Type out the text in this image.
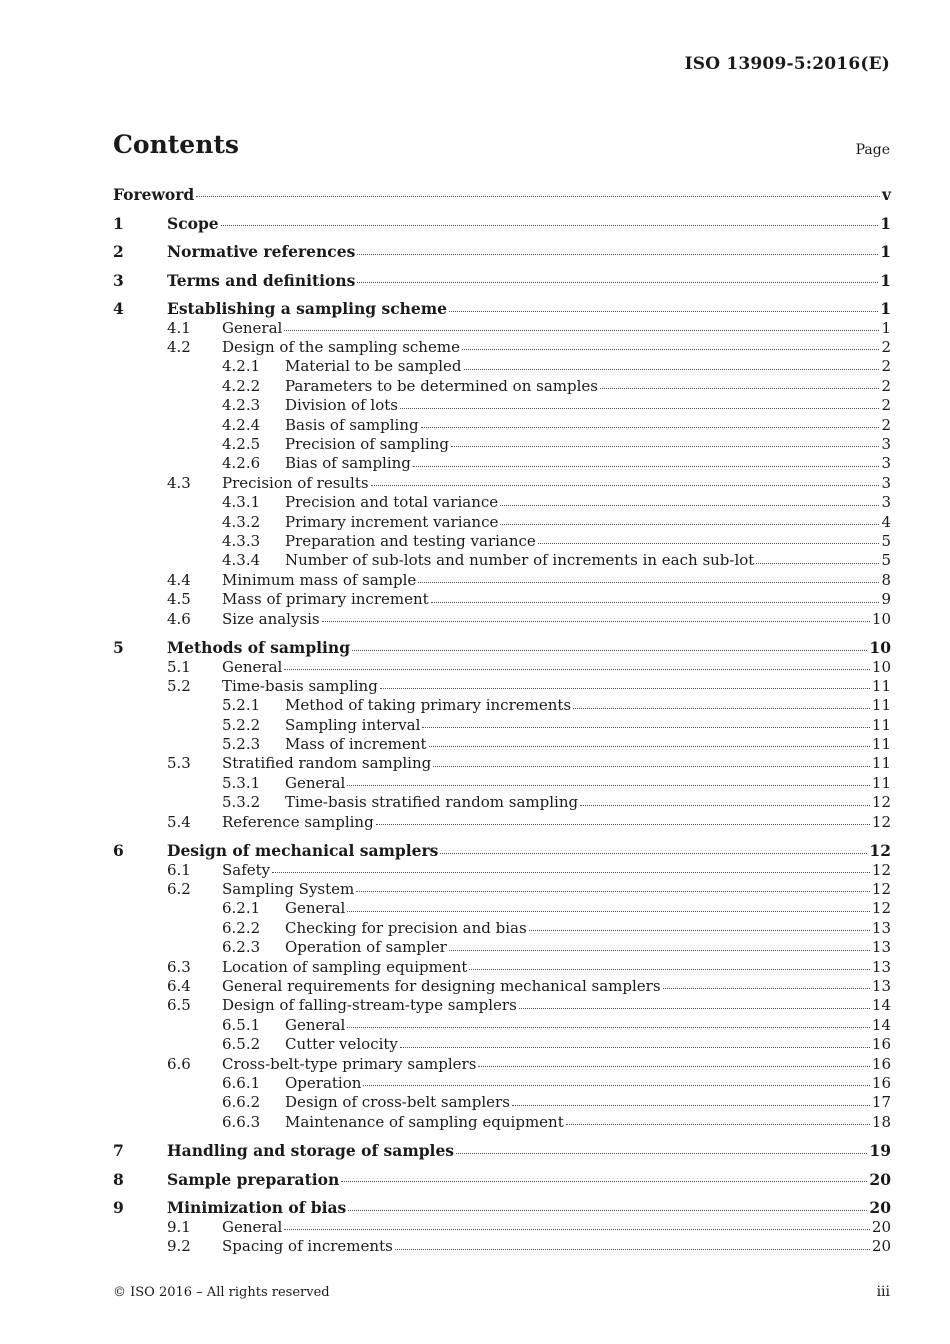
ISO 13909-5:2016(E)
Contents	Page
Foreword	v
1	Scope	1
2	Normative references	1
3	Terms and definitions	1
4	Establishing a sampling scheme	1
4.1 General	1
4.2 Design of the sampling scheme	2
4.2.1 Material to be sampled	2
4.2.2 Parameters to be determined on samples	2
4.2.3 Division of lots	2
4.2.4 Basis of sampling	2
4.2.5 Precision of sampling	3
4.2.6 Bias of sampling	3
4.3 Precision of results	3
4.3.1 Precision and total variance	3
4.3.2 Primary increment variance	4
4.3.3 Preparation and testing variance	5
4.3.4 Number of sub-lots and number of increments in each sub-lot	5
4.4 Minimum mass of sample	8
4.5 Mass of primary increment	9
4.6 Size analysis	10
5	Methods of sampling	10
5.1 General	10
5.2 Time-basis sampling	11
5.2.1 Method of taking primary increments	11
5.2.2 Sampling interval	11
5.2.3 Mass of increment	11
5.3 Stratified random sampling	11
5.3.1 General	11
5.3.2 Time-basis stratified random sampling	12
5.4 Reference sampling	12
6	Design of mechanical samplers	12
6.1 Safety	12
6.2 Sampling System	12
6.2.1 General	12
6.2.2 Checking for precision and bias	13
6.2.3 Operation of sampler	13
6.3 Location of sampling equipment	13
6.4 General requirements for designing mechanical samplers	13
6.5 Design of falling-stream-type samplers	14
6.5.1 General	14
6.5.2 Cutter velocity	16
6.6 Cross-belt-type primary samplers	16
6.6.1 Operation	16
6.6.2 Design of cross-belt samplers	17
6.6.3 Maintenance of sampling equipment	18
7	Handling and storage of samples	19
8	Sample preparation	20
9	Minimization of bias	20
9.1 General	20
9.2 Spacing of increments	20
© ISO 2016 – All rights reserved	iii
